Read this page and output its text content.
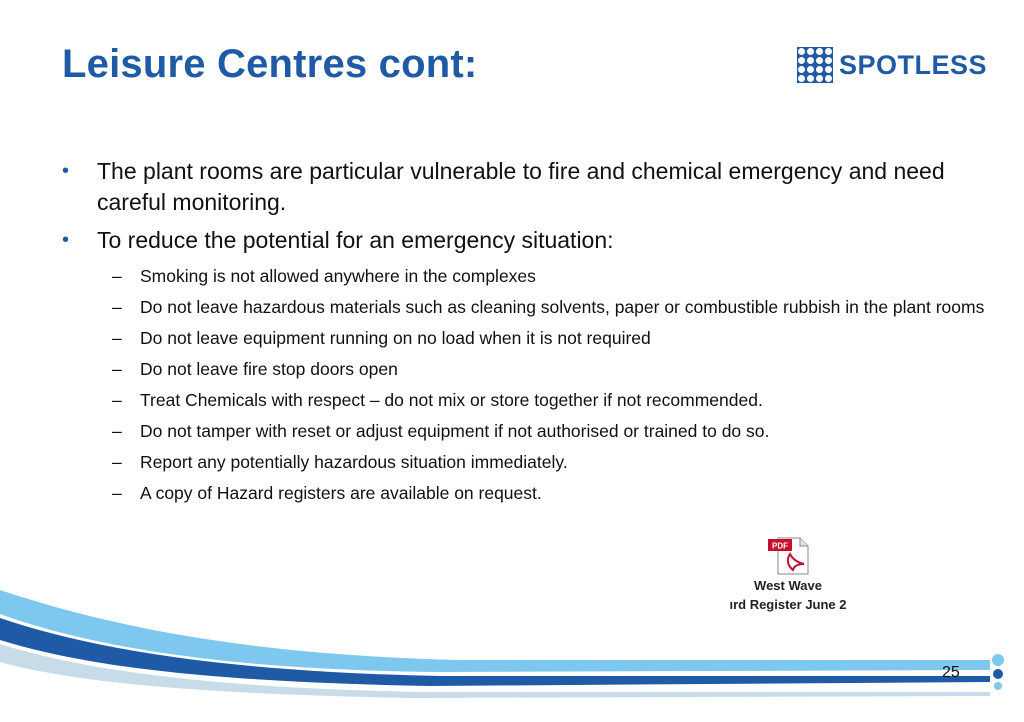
Leisure Centres cont:	SPOTLESS
• The plant rooms are particular vulnerable to fire and chemical emergency and need careful monitoring.
• To reduce the potential for an emergency situation:
– Smoking is not allowed anywhere in the complexes
– Do not leave hazardous materials such as cleaning solvents, paper or combustible rubbish in the plant rooms
– Do not leave equipment running on no load when it is not required
– Do not leave fire stop doors open
– Treat Chemicals with respect – do not mix or store together if not recommended.
– Do not tamper with reset or adjust equipment if not authorised or trained to do so.
– Report any potentially hazardous situation immediately.
– A copy of Hazard registers are available on request.
PDF
West Wave
ırd Register June 2
25
